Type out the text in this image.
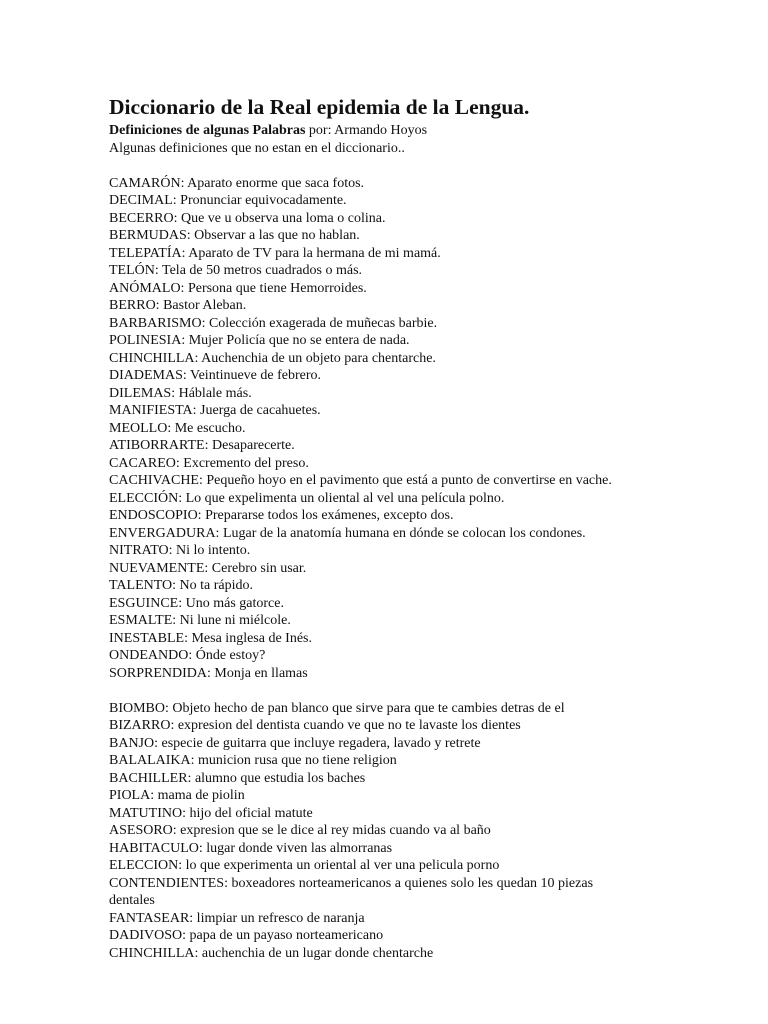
Diccionario de la Real epidemia de la Lengua.
Definiciones de algunas Palabras por: Armando Hoyos
Algunas definiciones que no estan en el diccionario..
CAMARÓN: Aparato enorme que saca fotos.
DECIMAL: Pronunciar equivocadamente.
BECERRO: Que ve u observa una loma o colina.
BERMUDAS: Observar a las que no hablan.
TELEPATÍA: Aparato de TV para la hermana de mi mamá.
TELÓN: Tela de 50 metros cuadrados o más.
ANÓMALO: Persona que tiene Hemorroides.
BERRO: Bastor Aleban.
BARBARISMO: Colección exagerada de muñecas barbie.
POLINESIA: Mujer Policía que no se entera de nada.
CHINCHILLA: Auchenchia de un objeto para chentarche.
DIADEMAS: Veintinueve de febrero.
DILEMAS: Háblale más.
MANIFIESTA: Juerga de cacahuetes.
MEOLLO: Me escucho.
ATIBORRARTE: Desaparecerte.
CACAREO: Excremento del preso.
CACHIVACHE: Pequeño hoyo en el pavimento que está a punto de convertirse en vache.
ELECCIÓN: Lo que expelimenta un oliental al vel una película polno.
ENDOSCOPIO: Prepararse todos los exámenes, excepto dos.
ENVERGADURA: Lugar de la anatomía humana en dónde se colocan los condones.
NITRATO: Ni lo intento.
NUEVAMENTE: Cerebro sin usar.
TALENTO: No ta rápido.
ESGUINCE: Uno más gatorce.
ESMALTE: Ni lune ni miélcole.
INESTABLE: Mesa inglesa de Inés.
ONDEANDO: Ónde estoy?
SORPRENDIDA: Monja en llamas
BIOMBO: Objeto hecho de pan blanco que sirve para que te cambies detras de el
BIZARRO: expresion del dentista cuando ve que no te lavaste los dientes
BANJO: especie de guitarra que incluye regadera, lavado y retrete
BALALAIKA: municion rusa que no tiene religion
BACHILLER: alumno que estudia los baches
PIOLA: mama de piolin
MATUTINO: hijo del oficial matute
ASESORO: expresion que se le dice al rey midas cuando va al baño
HABITACULO: lugar donde viven las almorranas
ELECCION: lo que experimenta un oriental al ver una pelicula porno
CONTENDIENTES: boxeadores norteamericanos a quienes solo les quedan 10 piezas dentales
FANTASEAR: limpiar un refresco de naranja
DADIVOSO: papa de un payaso norteamericano
CHINCHILLA: auchenchia de un lugar donde chentarche
